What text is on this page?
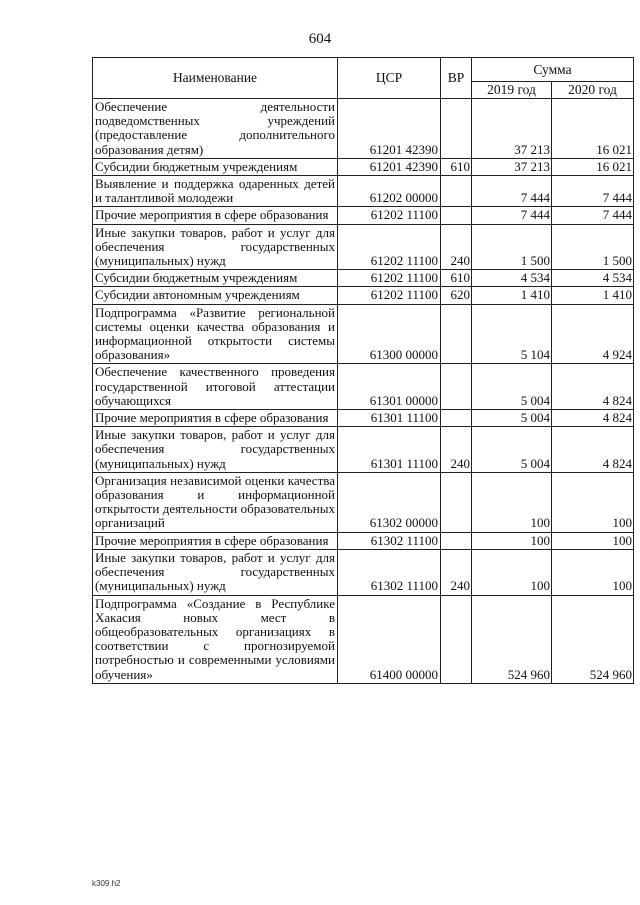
604
Наименование	ЦСР	ВР	Сумма	
			2019 год	2020 год
Обеспечение деятельности подведомственных учреждений (предоставление дополнительного образования детям)	61201 42390		37 213	16 021
Субсидии бюджетным учреждениям	61201 42390	610	37 213	16 021
Выявление и поддержка одаренных детей и талантливой молодежи	61202 00000		7 444	7 444
Прочие мероприятия в сфере образования	61202 11100		7 444	7 444
Иные закупки товаров, работ и услуг для обеспечения государственных (муниципальных) нужд	61202 11100	240	1 500	1 500
Субсидии бюджетным учреждениям	61202 11100	610	4 534	4 534
Субсидии автономным учреждениям	61202 11100	620	1 410	1 410
Подпрограмма «Развитие региональной системы оценки качества образования и информационной открытости системы образования»	61300 00000		5 104	4 924
Обеспечение качественного проведения государственной итоговой аттестации обучающихся	61301 00000		5 004	4 824
Прочие мероприятия в сфере образования	61301 11100		5 004	4 824
Иные закупки товаров, работ и услуг для обеспечения государственных (муниципальных) нужд	61301 11100	240	5 004	4 824
Организация независимой оценки качества образования и информационной открытости деятельности образовательных организаций	61302 00000		100	100
Прочие мероприятия в сфере образования	61302 11100		100	100
Иные закупки товаров, работ и услуг для обеспечения государственных (муниципальных) нужд	61302 11100	240	100	100
Подпрограмма «Создание в Республике Хакасия новых мест в общеобразовательных организациях в соответствии с прогнозируемой потребностью и современными условиями обучения»	61400 00000		524 960	524 960
k309 h2
